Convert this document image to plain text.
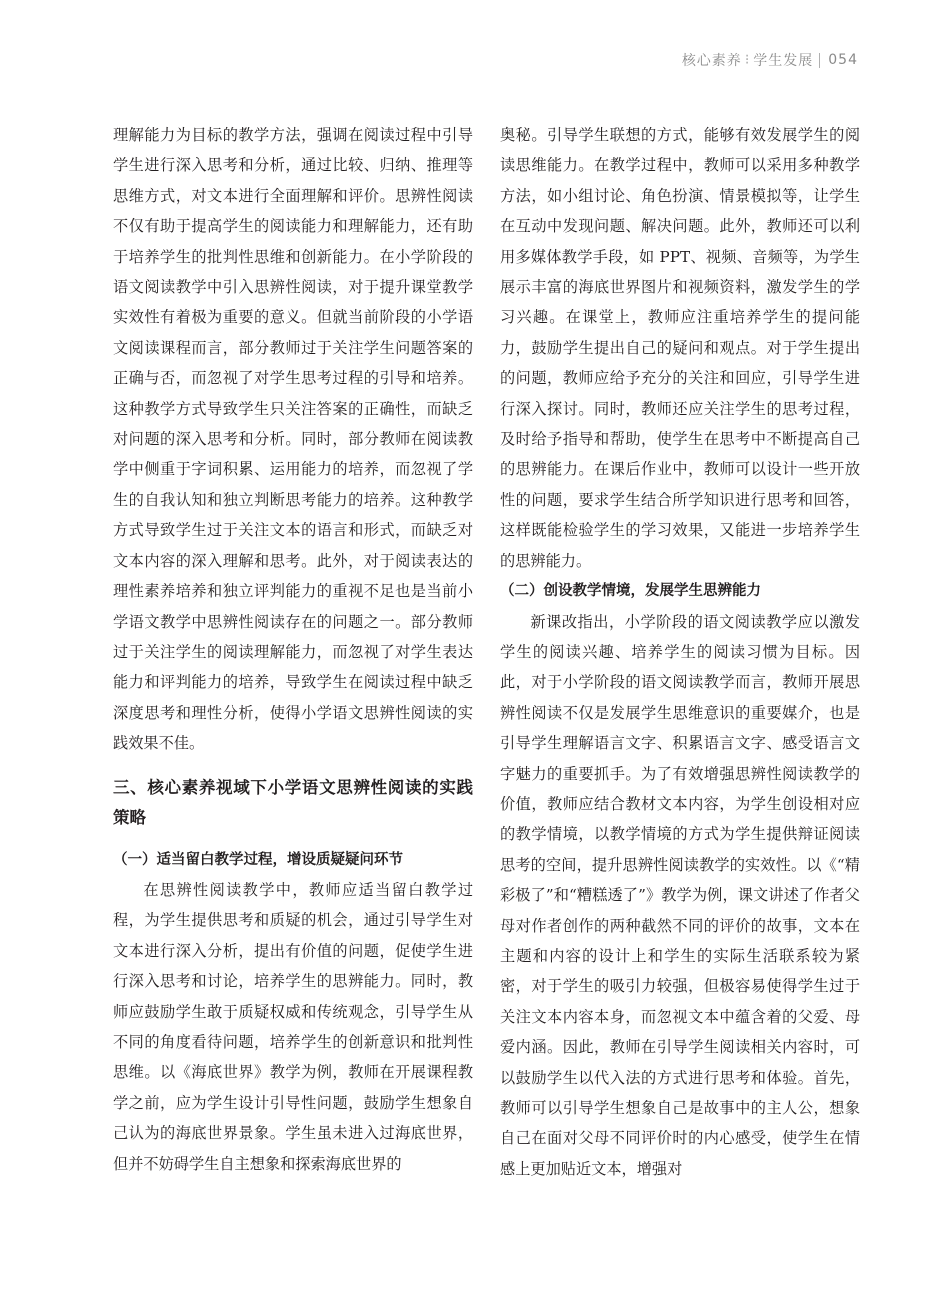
核心素养 ⁝ 学生发展 054

理解能力为目标的教学方法，强调在阅读过程中引导学生进行深入思考和分析，通过比较、归纳、推理等思维方式，对文本进行全面理解和评价。思辨性阅读不仅有助于提高学生的阅读能力和理解能力，还有助于培养学生的批判性思维和创新能力。在小学阶段的语文阅读教学中引入思辨性阅读，对于提升课堂教学实效性有着极为重要的意义。但就当前阶段的小学语文阅读课程而言，部分教师过于关注学生问题答案的正确与否，而忽视了对学生思考过程的引导和培养。这种教学方式导致学生只关注答案的正确性，而缺乏对问题的深入思考和分析。同时，部分教师在阅读教学中侧重于字词积累、运用能力的培养，而忽视了学生的自我认知和独立判断思考能力的培养。这种教学方式导致学生过于关注文本的语言和形式，而缺乏对文本内容的深入理解和思考。此外，对于阅读表达的理性素养培养和独立评判能力的重视不足也是当前小学语文教学中思辨性阅读存在的问题之一。部分教师过于关注学生的阅读理解能力，而忽视了对学生表达能力和评判能力的培养，导致学生在阅读过程中缺乏深度思考和理性分析，使得小学语文思辨性阅读的实践效果不佳。

三、核心素养视域下小学语文思辨性阅读的实践策略

（一）适当留白教学过程，增设质疑疑问环节

在思辨性阅读教学中，教师应适当留白教学过程，为学生提供思考和质疑的机会，通过引导学生对文本进行深入分析，提出有价值的问题，促使学生进行深入思考和讨论，培养学生的思辨能力。同时，教师应鼓励学生敢于质疑权威和传统观念，引导学生从不同的角度看待问题，培养学生的创新意识和批判性思维。以《海底世界》教学为例，教师在开展课程教学之前，应为学生设计引导性问题，鼓励学生想象自己认为的海底世界景象。学生虽未进入过海底世界，但并不妨碍学生自主想象和探索海底世界的

奥秘。引导学生联想的方式，能够有效发展学生的阅读思维能力。在教学过程中，教师可以采用多种教学方法，如小组讨论、角色扮演、情景模拟等，让学生在互动中发现问题、解决问题。此外，教师还可以利用多媒体教学手段，如 PPT、视频、音频等，为学生展示丰富的海底世界图片和视频资料，激发学生的学习兴趣。在课堂上，教师应注重培养学生的提问能力，鼓励学生提出自己的疑问和观点。对于学生提出的问题，教师应给予充分的关注和回应，引导学生进行深入探讨。同时，教师还应关注学生的思考过程，及时给予指导和帮助，使学生在思考中不断提高自己的思辨能力。在课后作业中，教师可以设计一些开放性的问题，要求学生结合所学知识进行思考和回答，这样既能检验学生的学习效果，又能进一步培养学生的思辨能力。

（二）创设教学情境，发展学生思辨能力

新课改指出，小学阶段的语文阅读教学应以激发学生的阅读兴趣、培养学生的阅读习惯为目标。因此，对于小学阶段的语文阅读教学而言，教师开展思辨性阅读不仅是发展学生思维意识的重要媒介，也是引导学生理解语言文字、积累语言文字、感受语言文字魅力的重要抓手。为了有效增强思辨性阅读教学的价值，教师应结合教材文本内容，为学生创设相对应的教学情境，以教学情境的方式为学生提供辩证阅读思考的空间，提升思辨性阅读教学的实效性。以《“精彩极了”和“糟糕透了”》教学为例，课文讲述了作者父母对作者创作的两种截然不同的评价的故事，文本在主题和内容的设计上和学生的实际生活联系较为紧密，对于学生的吸引力较强，但极容易使得学生过于关注文本内容本身，而忽视文本中蕴含着的父爱、母爱内涵。因此，教师在引导学生阅读相关内容时，可以鼓励学生以代入法的方式进行思考和体验。首先，教师可以引导学生想象自己是故事中的主人公，想象自己在面对父母不同评价时的内心感受，使学生在情感上更加贴近文本，增强对
